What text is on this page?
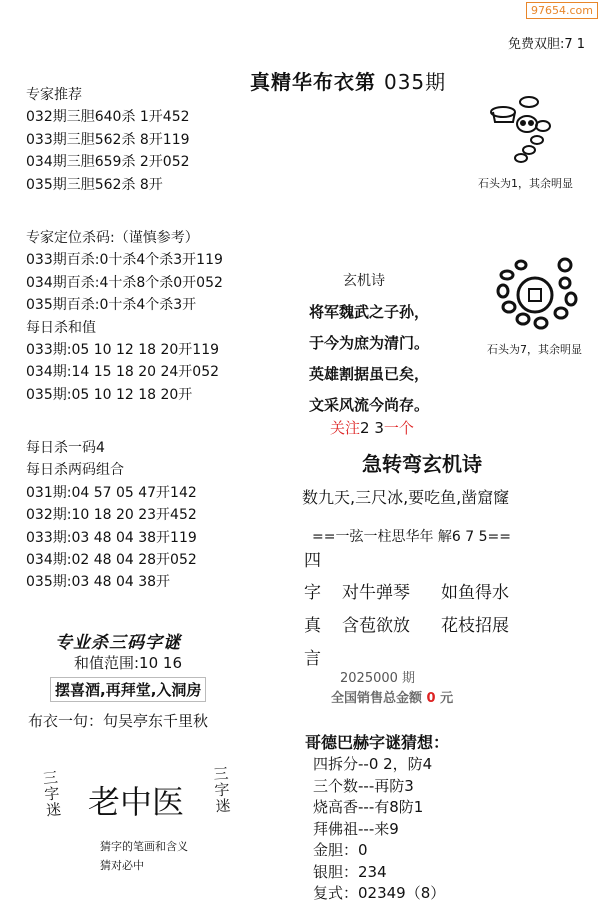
97654.com
免费双胆:7 1
真精华布衣第 035期
专家推荐
032期三胆640杀 1开452
033期三胆562杀 8开119
034期三胆659杀 2开052
035期三胆562杀 8开
专家定位杀码:（谨慎参考）
033期百杀:0十杀4个杀3开119
034期百杀:4十杀8个杀0开052
035期百杀:0十杀4个杀3开
每日杀和值
033期:05 10 12 18 20开119
034期:14 15 18 20 24开052
035期:05 10 12 18 20开
每日杀一码4
每日杀两码组合
031期:04 57 05 47开142
032期:10 18 20 23开452
033期:03 48 04 38开119
034期:02 48 04 28开052
035期:03 48 04 38开
石头为1，其余明显
石头为7，其余明显
玄机诗
将军魏武之子孙，
于今为庶为清门。
英雄割据虽已矣，
文采风流今尚存。
关注2 3一个
急转弯玄机诗
数九天,三尺冰,要吃鱼,凿窟窿
==一弦一柱思华年 解6 7 5==
四
字
真
言
对牛弹琴 如鱼得水
含苞欲放 花枝招展
2025000 期
全国销售总金额 0 元
哥德巴赫字谜猜想：
四拆分--0 2，防4
三个数---再防3
烧高香---有8防1
拜佛祖---来9
金胆：0
银胆：234
复式：02349（8）
专业杀三码字谜
和值范围:10 16
摆喜酒,再拜堂,入洞房
布衣一句：句吴亭东千里秋
三字迷
三字迷
老中医
猜字的笔画和含义
猜对必中
